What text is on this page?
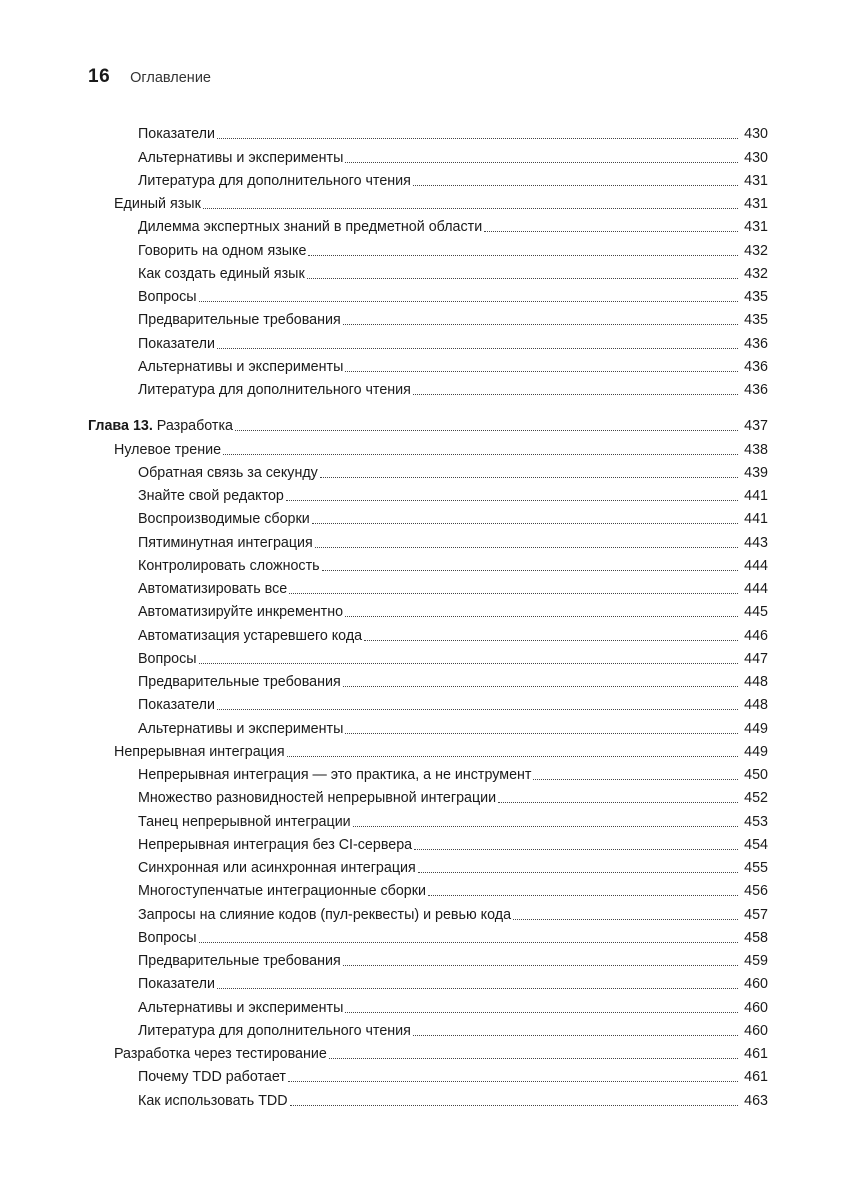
16 Оглавление
Показатели	430
Альтернативы и эксперименты	430
Литература для дополнительного чтения	431
Единый язык	431
Дилемма экспертных знаний в предметной области	431
Говорить на одном языке	432
Как создать единый язык	432
Вопросы	435
Предварительные требования	435
Показатели	436
Альтернативы и эксперименты	436
Литература для дополнительного чтения	436
Глава 13. Разработка	437
Нулевое трение	438
Обратная связь за секунду	439
Знайте свой редактор	441
Воспроизводимые сборки	441
Пятиминутная интеграция	443
Контролировать сложность	444
Автоматизировать все	444
Автоматизируйте инкрементно	445
Автоматизация устаревшего кода	446
Вопросы	447
Предварительные требования	448
Показатели	448
Альтернативы и эксперименты	449
Непрерывная интеграция	449
Непрерывная интеграция — это практика, а не инструмент	450
Множество разновидностей непрерывной интеграции	452
Танец непрерывной интеграции	453
Непрерывная интеграция без CI-сервера	454
Синхронная или асинхронная интеграция	455
Многоступенчатые интеграционные сборки	456
Запросы на слияние кодов (пул-реквесты) и ревью кода	457
Вопросы	458
Предварительные требования	459
Показатели	460
Альтернативы и эксперименты	460
Литература для дополнительного чтения	460
Разработка через тестирование	461
Почему TDD работает	461
Как использовать TDD	463
